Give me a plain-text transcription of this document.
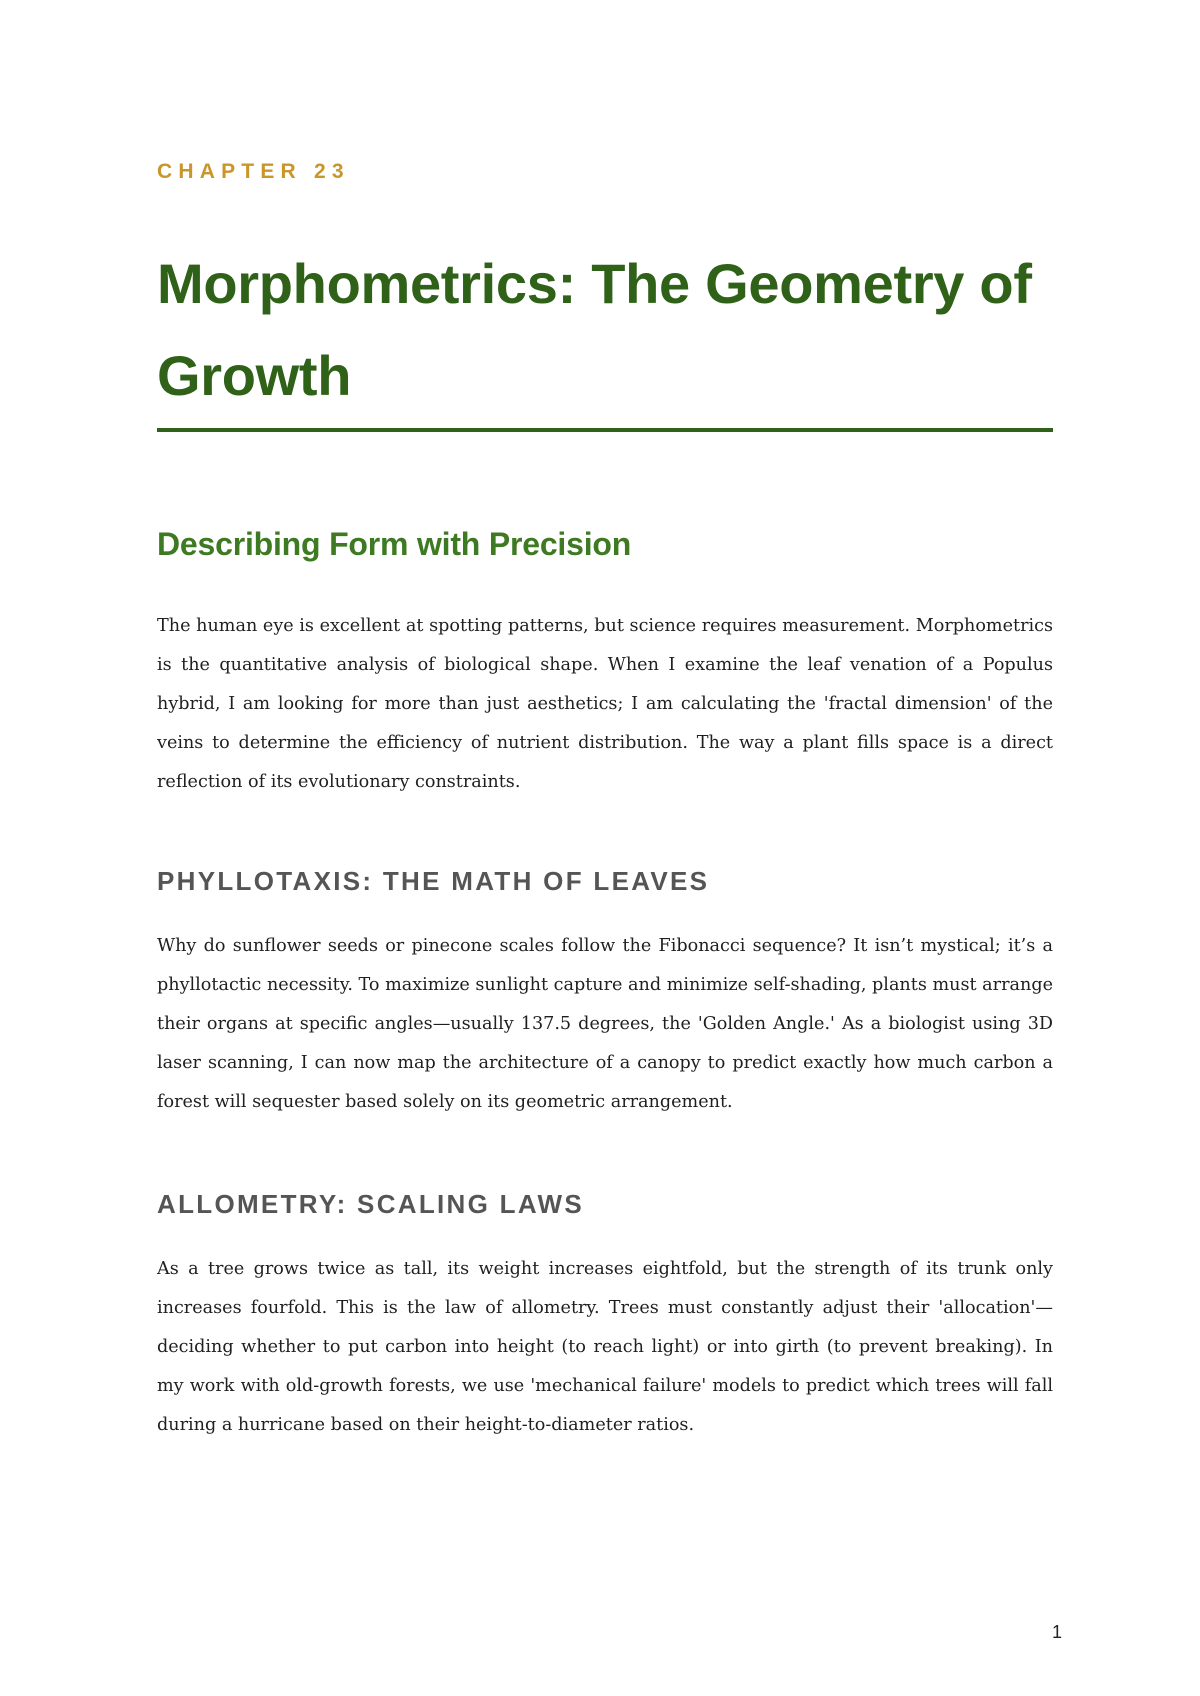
CHAPTER 23

Morphometrics: The Geometry of Growth
Describing Form with Precision

The human eye is excellent at spotting patterns, but science requires measurement. Morphometrics is the quantitative analysis of biological shape. When I examine the leaf venation of a Populus hybrid, I am looking for more than just aesthetics; I am calculating the 'fractal dimension' of the veins to determine the efficiency of nutrient distribution. The way a plant fills space is a direct reflection of its evolutionary constraints.

PHYLLOTAXIS: THE MATH OF LEAVES

Why do sunflower seeds or pinecone scales follow the Fibonacci sequence? It isn’t mystical; it’s a phyllotactic necessity. To maximize sunlight capture and minimize self-shading, plants must arrange their organs at specific angles—usually 137.5 degrees, the 'Golden Angle.' As a biologist using 3D laser scanning, I can now map the architecture of a canopy to predict exactly how much carbon a forest will sequester based solely on its geometric arrangement.

ALLOMETRY: SCALING LAWS

As a tree grows twice as tall, its weight increases eightfold, but the strength of its trunk only increases fourfold. This is the law of allometry. Trees must constantly adjust their 'allocation'—deciding whether to put carbon into height (to reach light) or into girth (to prevent breaking). In my work with old-growth forests, we use 'mechanical failure' models to predict which trees will fall during a hurricane based on their height-to-diameter ratios.

1
